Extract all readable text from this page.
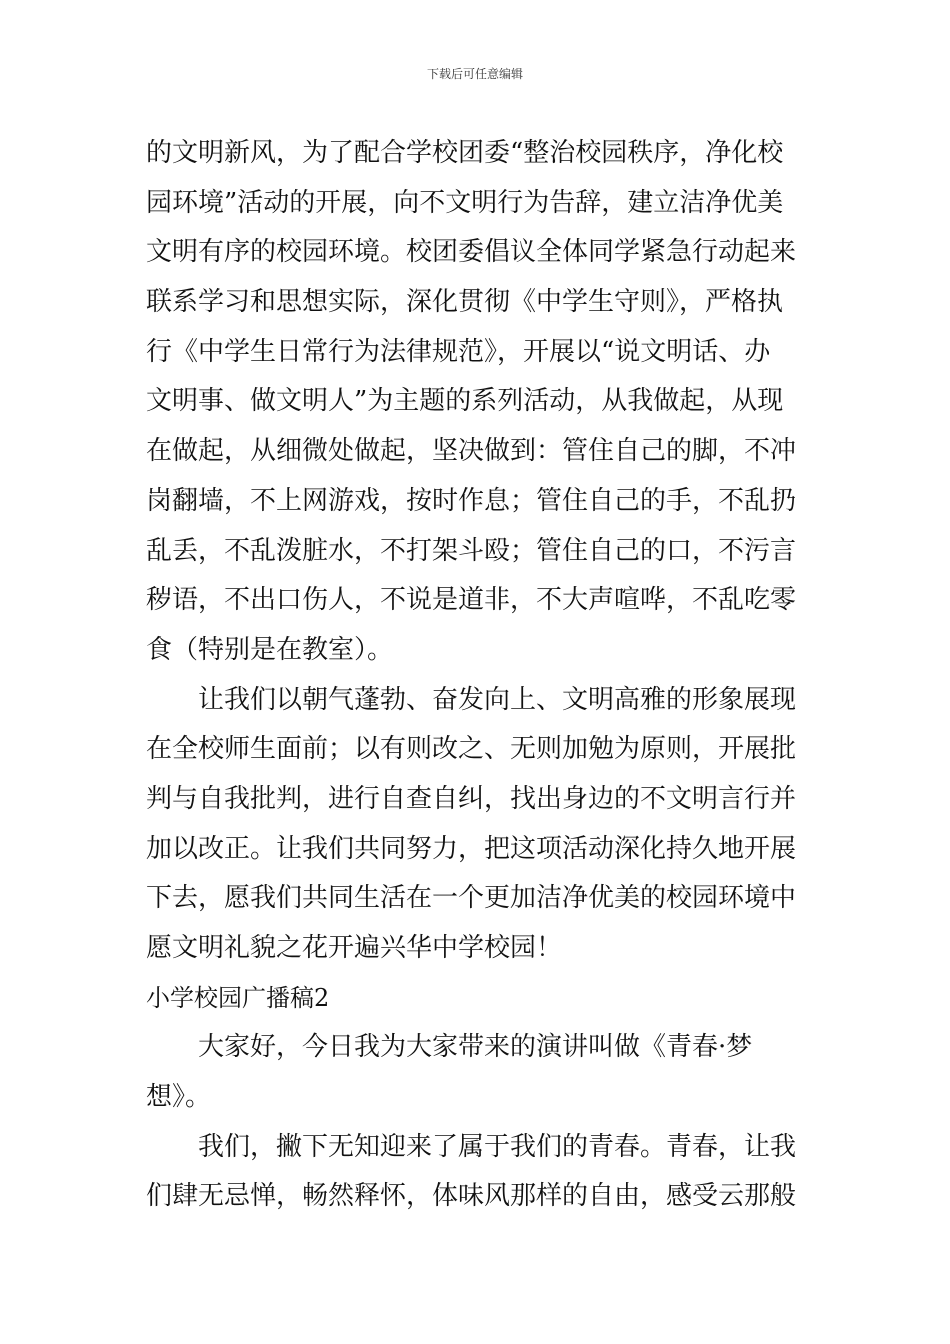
下载后可任意编辑
的文明新风，为了配合学校团委“整治校园秩序，净化校
园环境”活动的开展，向不文明行为告辞，建立洁净优美
文明有序的校园环境。校团委倡议全体同学紧急行动起来
联系学习和思想实际，深化贯彻《中学生守则》，严格执
行《中学生日常行为法律规范》，开展以“说文明话、办
文明事、做文明人”为主题的系列活动，从我做起，从现
在做起，从细微处做起，坚决做到：管住自己的脚，不冲
岗翻墙，不上网游戏，按时作息；管住自己的手，不乱扔
乱丢，不乱泼脏水，不打架斗殴；管住自己的口，不污言
秽语，不出口伤人，不说是道非，不大声喧哗，不乱吃零
食（特别是在教室）。
让我们以朝气蓬勃、奋发向上、文明高雅的形象展现
在全校师生面前；以有则改之、无则加勉为原则，开展批
判与自我批判，进行自查自纠，找出身边的不文明言行并
加以改正。让我们共同努力，把这项活动深化持久地开展
下去，愿我们共同生活在一个更加洁净优美的校园环境中
愿文明礼貌之花开遍兴华中学校园！
小学校园广播稿2
大家好，今日我为大家带来的演讲叫做《青春·梦
想》。
我们，撇下无知迎来了属于我们的青春。青春，让我
们肆无忌惮，畅然释怀，体味风那样的自由，感受云那般
